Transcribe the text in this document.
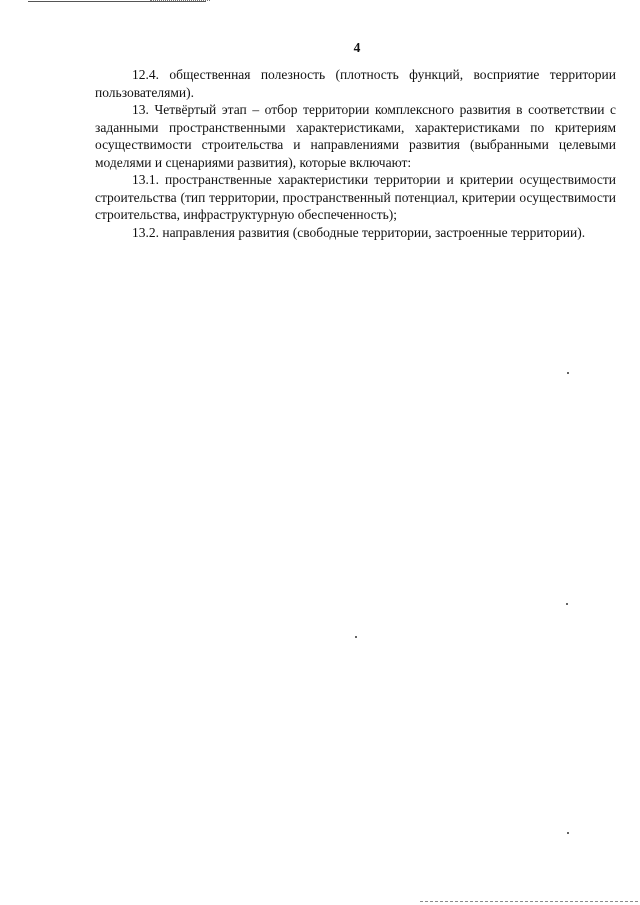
4

12.4. общественная полезность (плотность функций, восприятие территории пользователями).

13. Четвёртый этап – отбор территории комплексного развития в соответствии с заданными пространственными характеристиками, характеристиками по критериям осуществимости строительства и направлениями развития (выбранными целевыми моделями и сценариями развития), которые включают:

13.1. пространственные характеристики территории и критерии осуществимости строительства (тип территории, пространственный потенциал, критерии осуществимости строительства, инфраструктурную обеспеченность);

13.2. направления развития (свободные территории, застроенные территории).
